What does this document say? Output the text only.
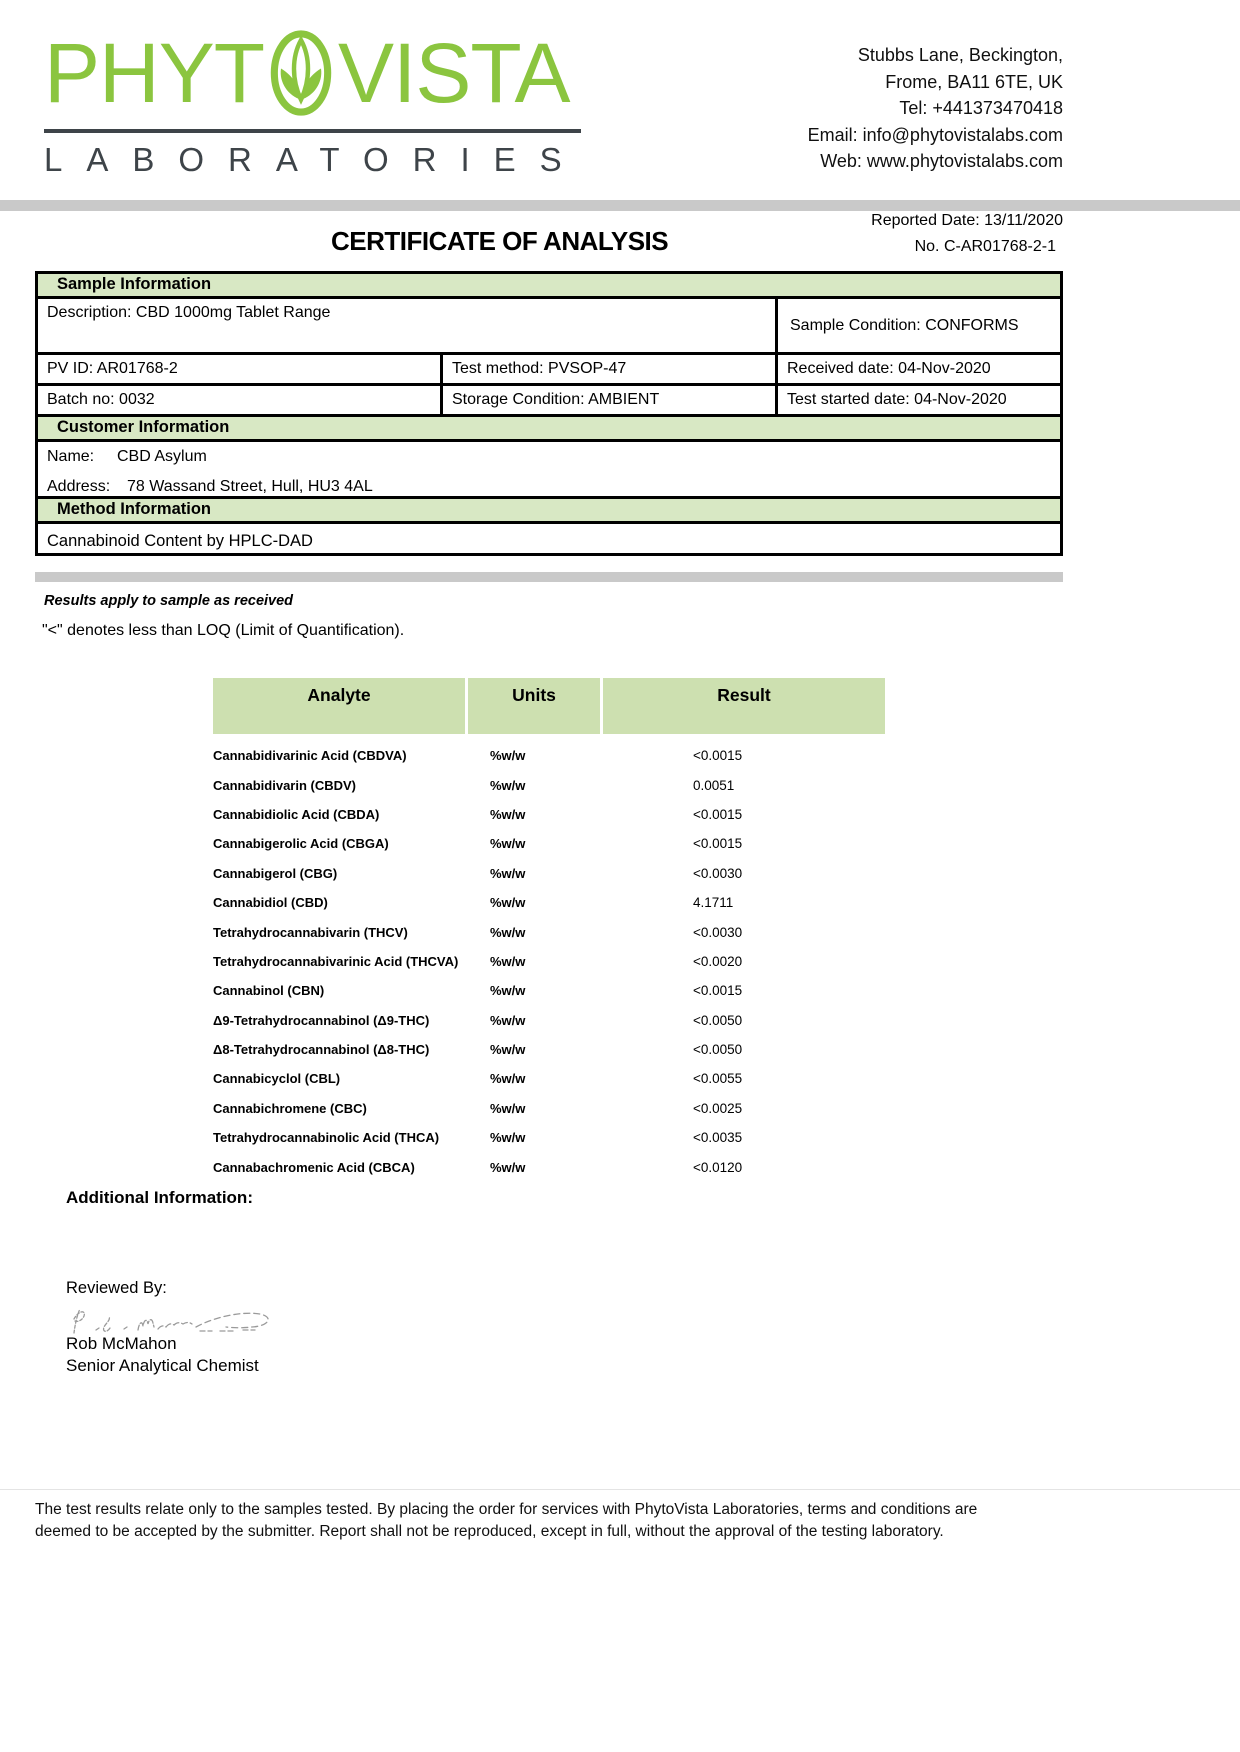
PHYT VISTA
LABORATORIES
Stubbs Lane, Beckington,
Frome, BA11 6TE, UK
Tel: +441373470418
Email: info@phytovistalabs.com
Web: www.phytovistalabs.com
Reported Date: 13/11/2020
CERTIFICATE OF ANALYSIS	No. C-AR01768-2-1
Sample Information
Description: CBD 1000mg Tablet Range
Sample Condition: CONFORMS
PV ID: AR01768-2	Test method: PVSOP-47	Received date: 04-Nov-2020
Batch no: 0032	Storage Condition: AMBIENT	Test started date: 04-Nov-2020
Customer Information
Name: CBD Asylum
Address: 78 Wassand Street, Hull, HU3 4AL
Method Information
Cannabinoid Content by HPLC-DAD
Results apply to sample as received
"<" denotes less than LOQ (Limit of Quantification).
Analyte	Units	Result
Cannabidivarinic Acid (CBDVA)	%w/w	<0.0015
Cannabidivarin (CBDV)	%w/w	0.0051
Cannabidiolic Acid (CBDA)	%w/w	<0.0015
Cannabigerolic Acid (CBGA)	%w/w	<0.0015
Cannabigerol (CBG)	%w/w	<0.0030
Cannabidiol (CBD)	%w/w	4.1711
Tetrahydrocannabivarin (THCV)	%w/w	<0.0030
Tetrahydrocannabivarinic Acid (THCVA)	%w/w	<0.0020
Cannabinol (CBN)	%w/w	<0.0015
Δ9-Tetrahydrocannabinol (Δ9-THC)	%w/w	<0.0050
Δ8-Tetrahydrocannabinol (Δ8-THC)	%w/w	<0.0050
Cannabicyclol (CBL)	%w/w	<0.0055
Cannabichromene (CBC)	%w/w	<0.0025
Tetrahydrocannabinolic Acid (THCA)	%w/w	<0.0035
Cannabachromenic Acid (CBCA)	%w/w	<0.0120
Additional Information:
Reviewed By:
Rob McMahon
Senior Analytical Chemist
The test results relate only to the samples tested. By placing the order for services with PhytoVista Laboratories, terms and conditions are
deemed to be accepted by the submitter. Report shall not be reproduced, except in full, without the approval of the testing laboratory.
